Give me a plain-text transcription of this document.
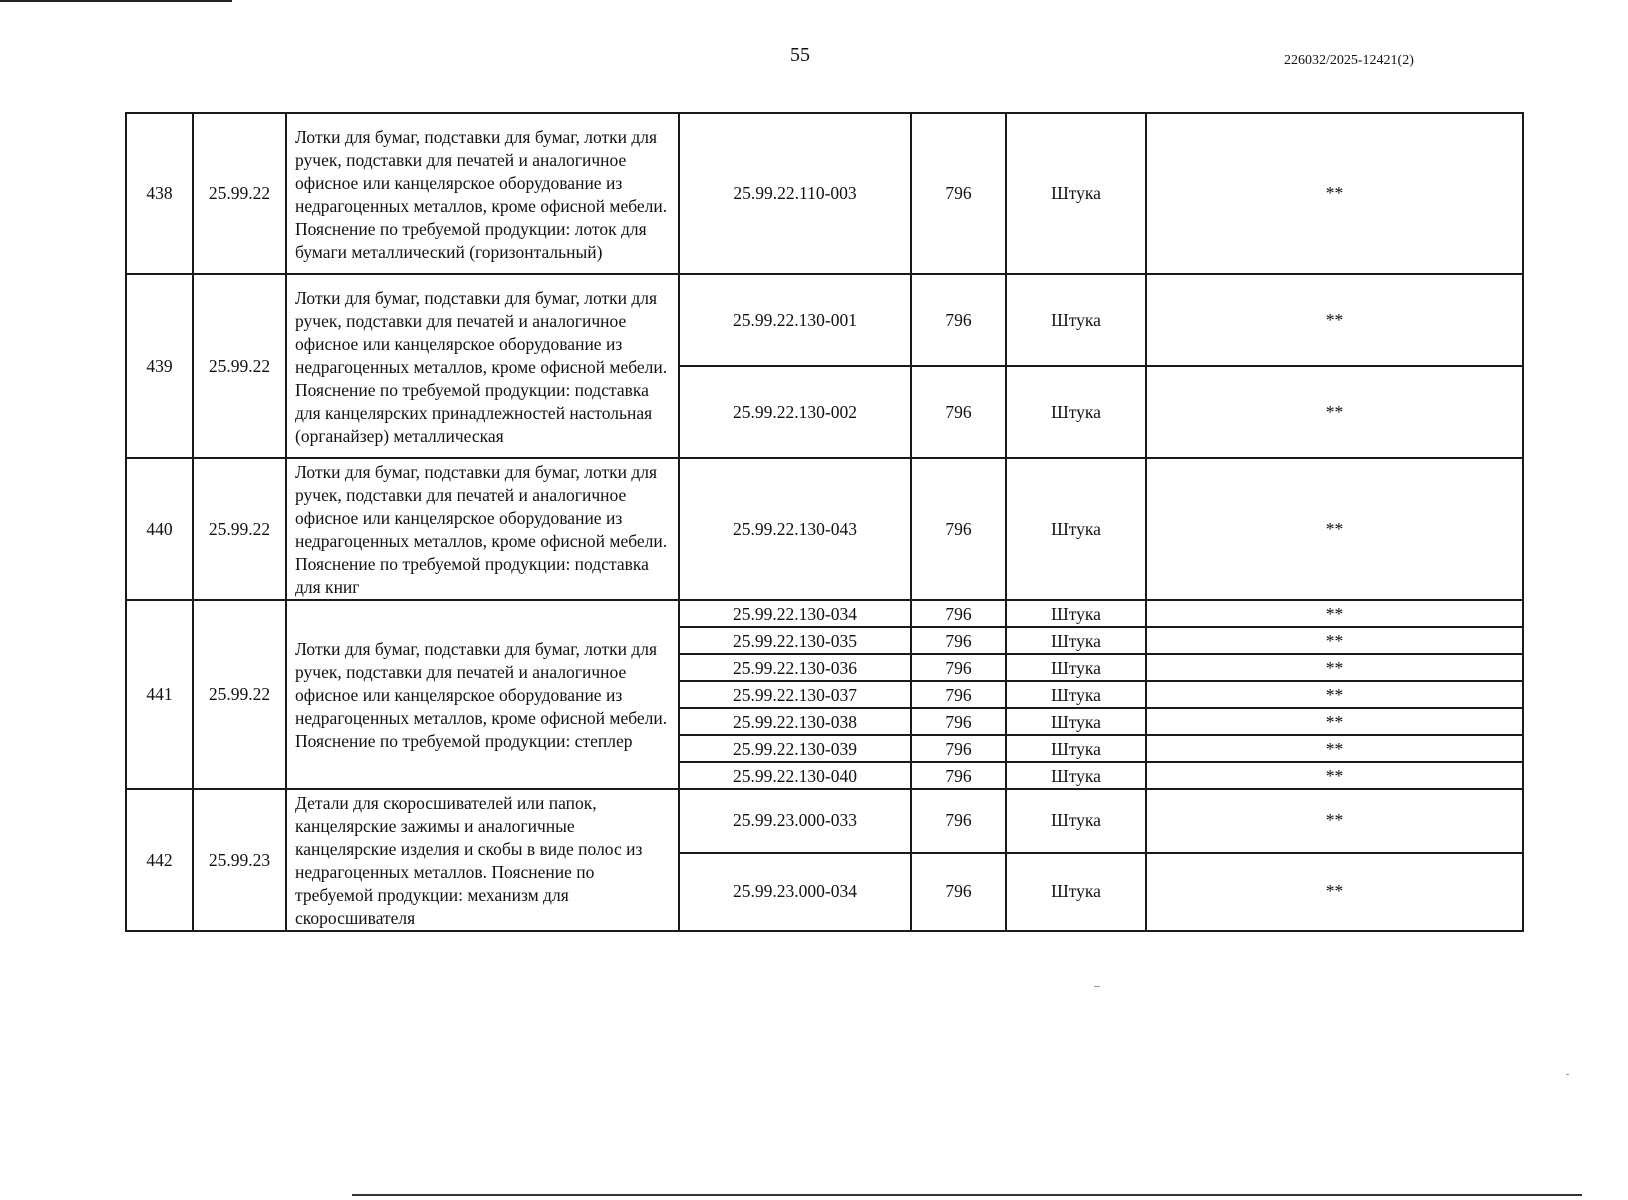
55	226032/2025-12421(2)
438	25.99.22	Лотки для бумаг, подставки для бумаг, лотки для ручек, подставки для печатей и аналогичное офисное или канцелярское оборудование из недрагоценных металлов, кроме офисной мебели. Пояснение по требуемой продукции: лоток для бумаги металлический (горизонтальный)	25.99.22.110-003	796	Штука	**
439	25.99.22	Лотки для бумаг, подставки для бумаг, лотки для ручек, подставки для печатей и аналогичное офисное или канцелярское оборудование из недрагоценных металлов, кроме офисной мебели. Пояснение по требуемой продукции: подставка для канцелярских принадлежностей настольная (органайзер) металлическая	25.99.22.130-001	796	Штука	**
			25.99.22.130-002	796	Штука	**
440	25.99.22	Лотки для бумаг, подставки для бумаг, лотки для ручек, подставки для печатей и аналогичное офисное или канцелярское оборудование из недрагоценных металлов, кроме офисной мебели. Пояснение по требуемой продукции: подставка для книг	25.99.22.130-043	796	Штука	**
441	25.99.22	Лотки для бумаг, подставки для бумаг, лотки для ручек, подставки для печатей и аналогичное офисное или канцелярское оборудование из недрагоценных металлов, кроме офисной мебели. Пояснение по требуемой продукции: степлер	25.99.22.130-034	796	Штука	**
			25.99.22.130-035	796	Штука	**
			25.99.22.130-036	796	Штука	**
			25.99.22.130-037	796	Штука	**
			25.99.22.130-038	796	Штука	**
			25.99.22.130-039	796	Штука	**
			25.99.22.130-040	796	Штука	**
442	25.99.23	Детали для скоросшивателей или папок, канцелярские зажимы и аналогичные канцелярские изделия и скобы в виде полос из недрагоценных металлов. Пояснение по требуемой продукции: механизм для скоросшивателя	25.99.23.000-033	796	Штука	**
			25.99.23.000-034	796	Штука	**
